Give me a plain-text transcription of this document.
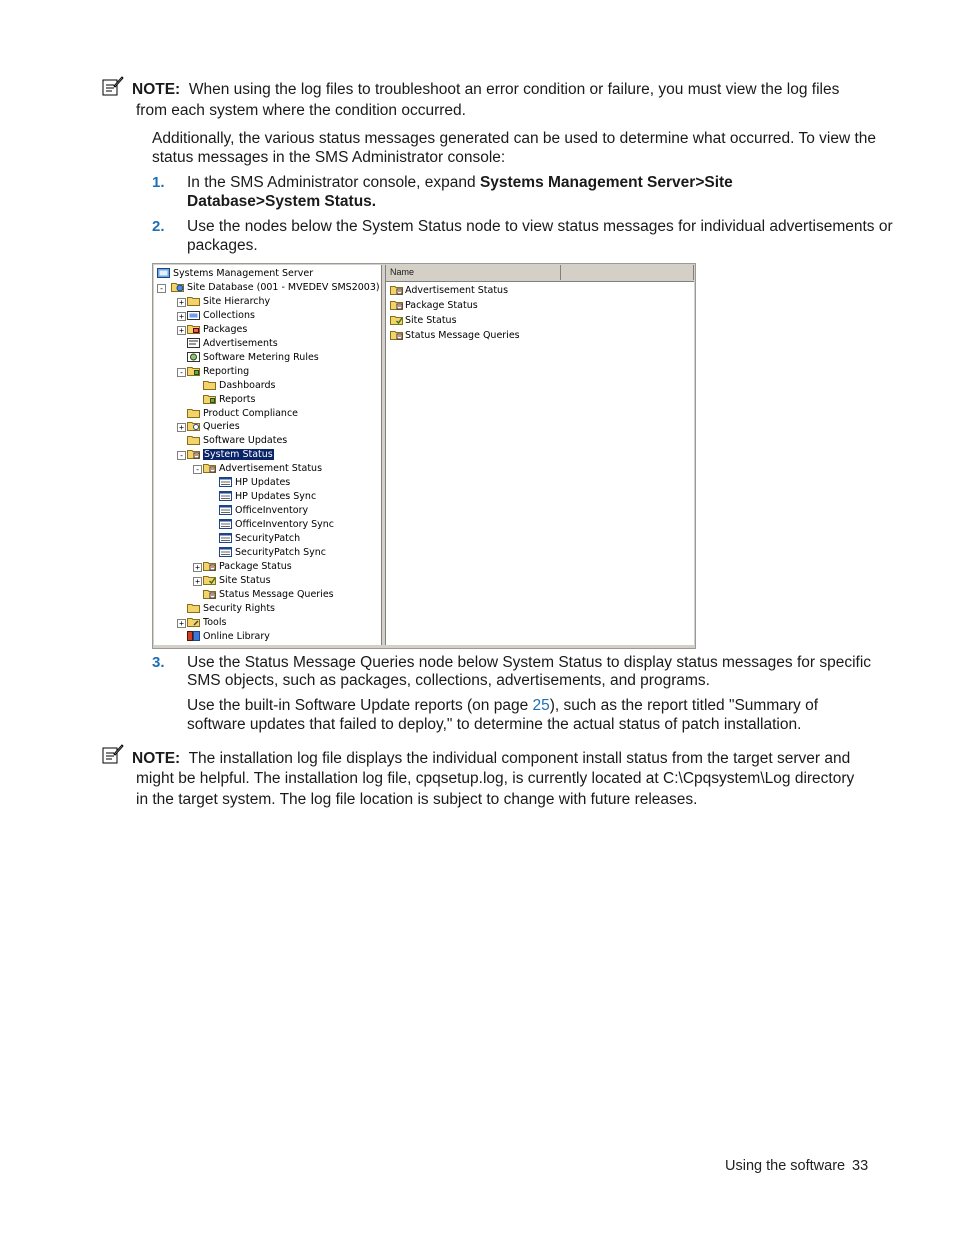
NOTE: When using the log files to troubleshoot an error condition or failure, you must view the log files
from each system where the condition occurred.
Additionally, the various status messages generated can be used to determine what occurred. To view the
status messages in the SMS Administrator console:
1. In the SMS Administrator console, expand Systems Management Server>Site
Database>System Status.
2. Use the nodes below the System Status node to view status messages for individual advertisements or
packages.
Systems Management Server
-	Site Database (001 - MVEDEV SMS2003)
+	Site Hierarchy
+	Collections
+	Packages
Advertisements
Software Metering Rules
-	Reporting
Dashboards
Reports
Product Compliance
+	Queries
Software Updates
-	System Status
-	Advertisement Status
HP Updates
HP Updates Sync
OfficeInventory
OfficeInventory Sync
SecurityPatch
SecurityPatch Sync
+	Package Status
+	Site Status
Status Message Queries
Security Rights
+	Tools
Online Library
Name
Advertisement Status
Package Status
Site Status
Status Message Queries
3. Use the Status Message Queries node below System Status to display status messages for specific
SMS objects, such as packages, collections, advertisements, and programs.
Use the built-in Software Update reports (on page 25), such as the report titled "Summary of
software updates that failed to deploy," to determine the actual status of patch installation.
NOTE: The installation log file displays the individual component install status from the target server and
might be helpful. The installation log file, cpqsetup.log, is currently located at C:\Cpqsystem\Log directory
in the target system. The log file location is subject to change with future releases.
Using the software 33
